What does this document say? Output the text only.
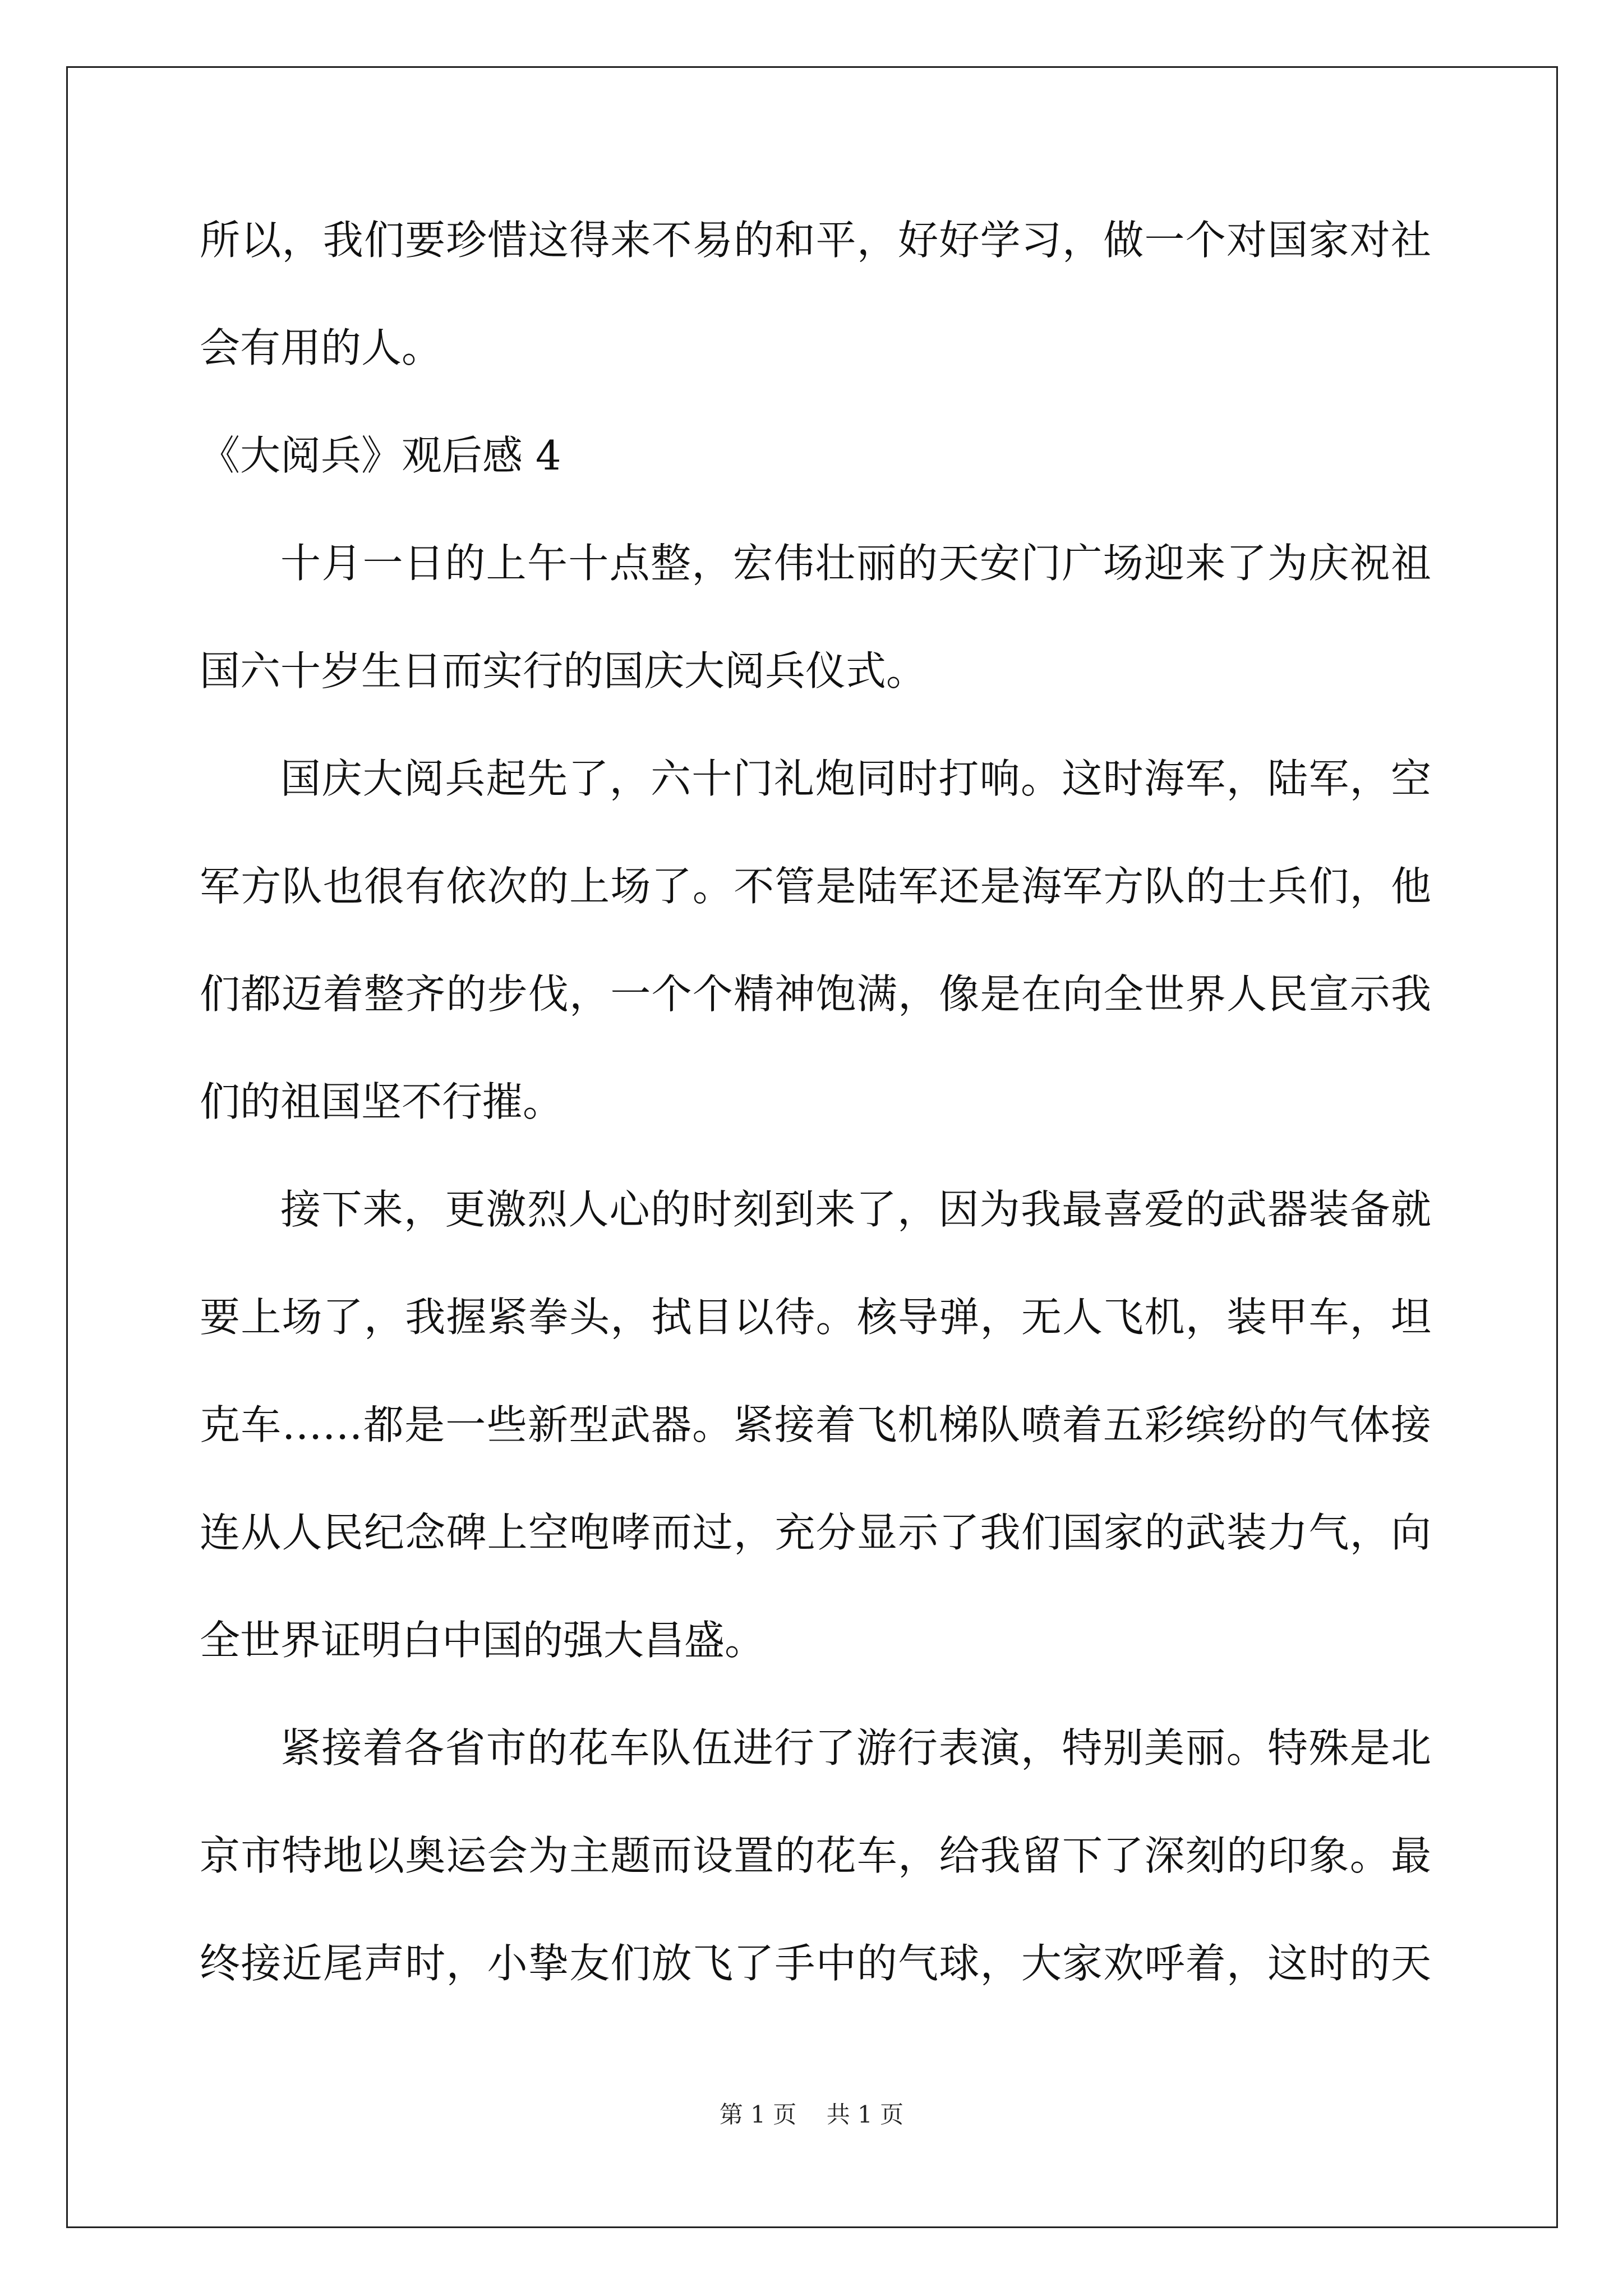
所以，我们要珍惜这得来不易的和平，好好学习，做一个对国家对社
会有用的人。
《大阅兵》观后感 4
十月一日的上午十点整，宏伟壮丽的天安门广场迎来了为庆祝祖
国六十岁生日而实行的国庆大阅兵仪式。
国庆大阅兵起先了，六十门礼炮同时打响。这时海军，陆军，空
军方队也很有依次的上场了。不管是陆军还是海军方队的士兵们，他
们都迈着整齐的步伐，一个个精神饱满，像是在向全世界人民宣示我
们的祖国坚不行摧。
接下来，更激烈人心的时刻到来了，因为我最喜爱的武器装备就
要上场了，我握紧拳头，拭目以待。核导弹，无人飞机，装甲车，坦
克车……都是一些新型武器。紧接着飞机梯队喷着五彩缤纷的气体接
连从人民纪念碑上空咆哮而过，充分显示了我们国家的武装力气，向
全世界证明白中国的强大昌盛。
紧接着各省市的花车队伍进行了游行表演，特别美丽。特殊是北
京市特地以奥运会为主题而设置的花车，给我留下了深刻的印象。最
终接近尾声时，小挚友们放飞了手中的气球，大家欢呼着，这时的天
第 1 页    共 1 页
